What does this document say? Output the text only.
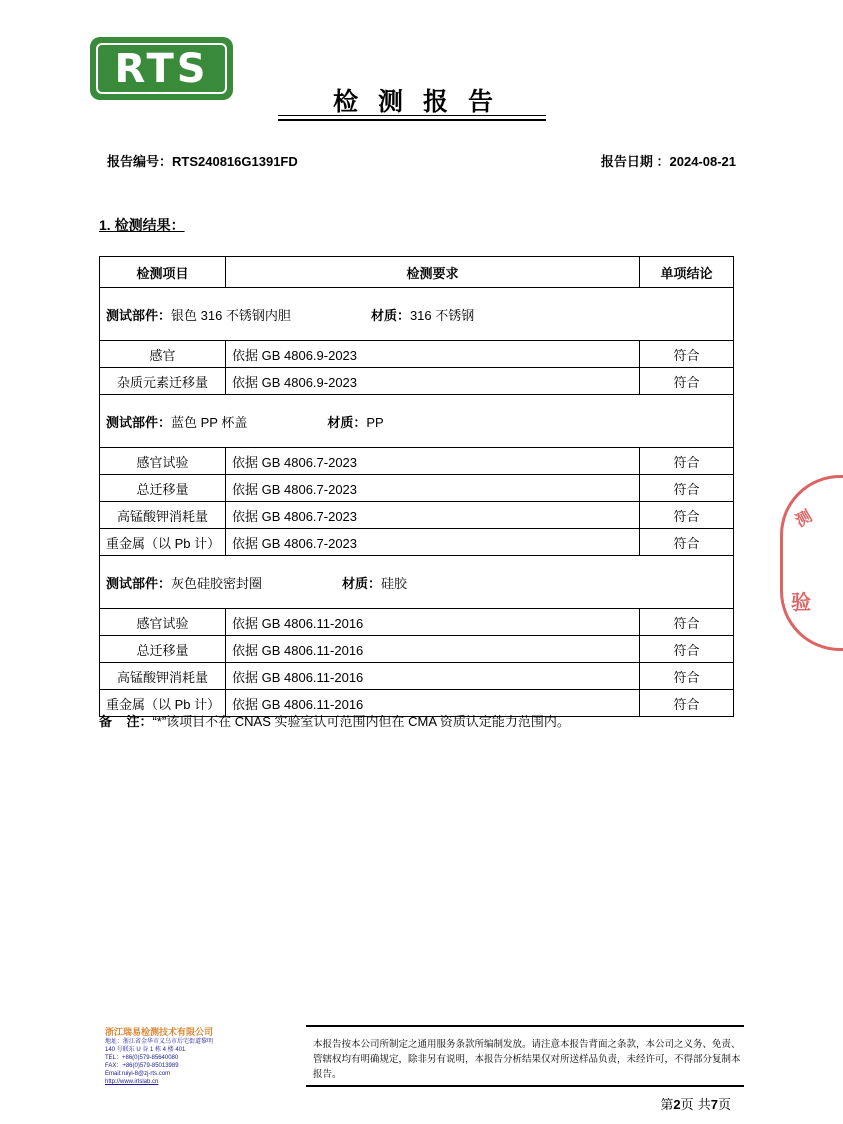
RTS
检测报告
报告编号：RTS240816G1391FD	报告日期 ：2024-08-21
1. 检测结果：
检测项目	检测要求	单项结论
测试部件：银色 316 不锈钢内胆 材质：316 不锈钢		
感官	依据 GB 4806.9-2023	符合
杂质元素迁移量	依据 GB 4806.9-2023	符合
测试部件：蓝色 PP 杯盖 材质：PP		
感官试验	依据 GB 4806.7-2023	符合
总迁移量	依据 GB 4806.7-2023	符合
高锰酸钾消耗量	依据 GB 4806.7-2023	符合
重金属（以 Pb 计）	依据 GB 4806.7-2023	符合
测试部件：灰色硅胶密封圈 材质：硅胶		
感官试验	依据 GB 4806.11-2016	符合
总迁移量	依据 GB 4806.11-2016	符合
高锰酸钾消耗量	依据 GB 4806.11-2016	符合
重金属（以 Pb 计）	依据 GB 4806.11-2016	符合
备    注：“*”该项目不在 CNAS 实验室认可范围内但在 CMA 资质认定能力范围内。
测
验
浙江瑞易检测技术有限公司
地址：浙江省金华市义乌市后宅街道黎明
140 号联东 U 谷 1 栋 4 楼 401
TEL：+86(0)579-85640080
FAX：+86(0)579-85013989
Email:ruiyi-8@zj-rts.com
http://www.irtslab.cn
本报告按本公司所制定之通用服务条款所编制发放。请注意本报告背面之条款，本公司之义务、免责、管辖权均有明确规定，除非另有说明，本报告分析结果仅对所送样品负责，未经许可，不得部分复制本报告。
第2页 共7页
